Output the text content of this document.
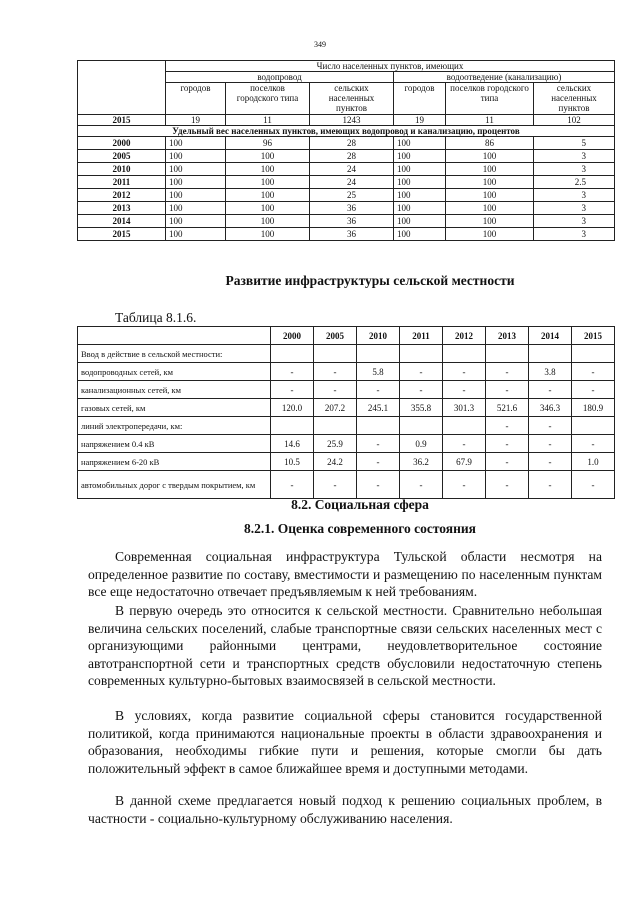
349
	Число населенных пунктов, имеющих					
	водопровод			водоотведение (канализацию)		
	городов	поселков городского типа	сельских населенных пунктов	городов	поселков городского типа	сельских населенных пунктов
2015	19	11	1243	19	11	102
Удельный вес населенных пунктов, имеющих водопровод и канализацию, процентов						
2000	100	96	28	100	86	5
2005	100	100	28	100	100	3
2010	100	100	24	100	100	3
2011	100	100	24	100	100	2.5
2012	100	100	25	100	100	3
2013	100	100	36	100	100	3
2014	100	100	36	100	100	3
2015	100	100	36	100	100	3
Развитие инфраструктуры сельской местности
Таблица 8.1.6.
	2000	2005	2010	2011	2012	2013	2014	2015
Ввод в действие в сельской местности:								
водопроводных сетей, км	-	-	5.8	-	-	-	3.8	-
канализационных сетей, км	-	-	-	-	-	-	-	-
газовых сетей, км	120.0	207.2	245.1	355.8	301.3	521.6	346.3	180.9
линий электропередачи, км:						-	-	
напряжением 0.4 кВ	14.6	25.9	-	0.9	-	-	-	-
напряжением 6-20 кВ	10.5	24.2	-	36.2	67.9	-	-	1.0
автомобильных дорог с твердым покрытием, км	-	-	-	-	-	-	-	-
8.2. Социальная сфера
8.2.1. Оценка современного состояния

Современная социальная инфраструктура Тульской области несмотря на определенное развитие по составу, вместимости и размещению по населенным пунктам все еще недостаточно отвечает предъявляемым к ней требованиям.

В первую очередь это относится к сельской местности. Сравнительно небольшая величина сельских поселений, слабые транспортные связи сельских населенных мест с организующими районными центрами, неудовлетворительное состояние автотранспортной сети и транспортных средств обусловили недостаточную степень современных культурно-бытовых взаимосвязей в сельской местности.

В условиях, когда развитие социальной сферы становится государственной политикой, когда принимаются национальные проекты в области здравоохранения и образования, необходимы гибкие пути и решения, которые смогли бы дать положительный эффект в самое ближайшее время и доступными методами.

В данной схеме предлагается новый подход к решению социальных проблем, в частности - социально-культурному обслуживанию населения.
